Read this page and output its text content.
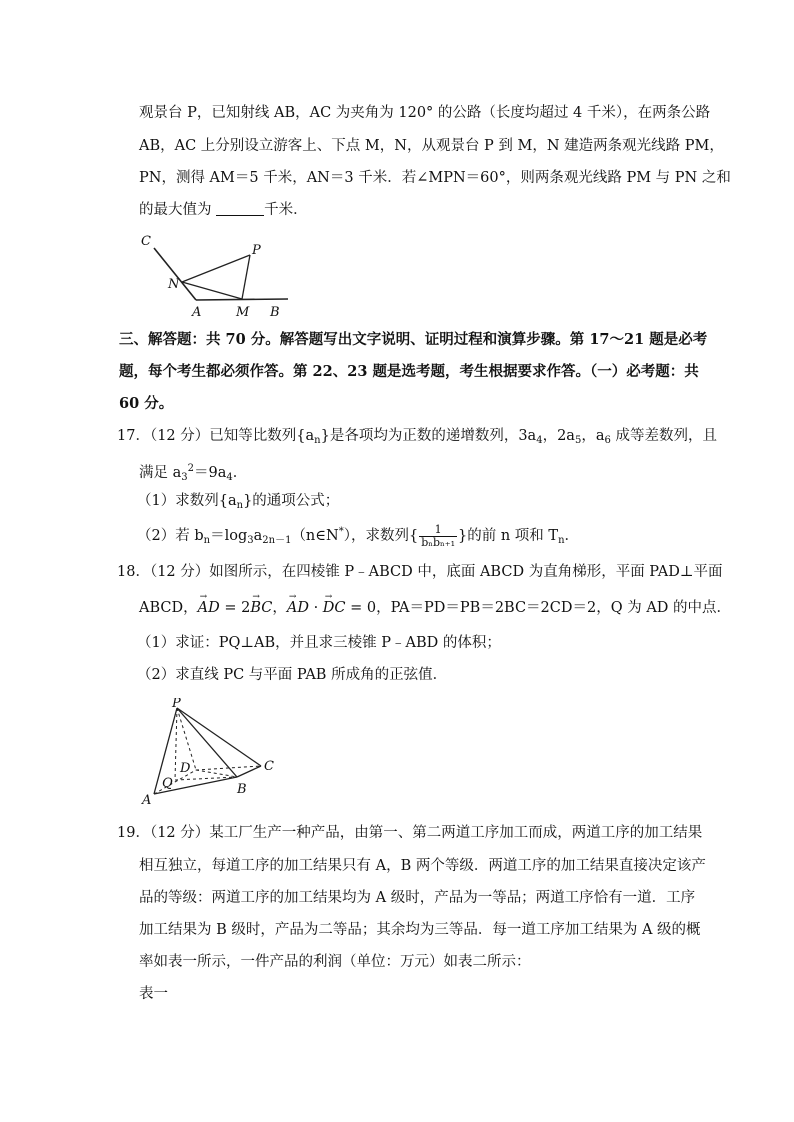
观景台 P，已知射线 AB，AC 为夹角为 120° 的公路（长度均超过 4 千米），在两条公路
AB，AC 上分别设立游客上、下点 M，N，从观景台 P 到 M，N 建造两条观光线路 PM，
PN，测得 AM＝5 千米，AN＝3 千米．若∠MPN＝60°，则两条观光线路 PM 与 PN 之和
的最大值为	千米．
C
P
N
A	M B
三、解答题：共 70 分。解答题写出文字说明、证明过程和演算步骤。第 17～21 题是必考
题，每个考生都必须作答。第 22、23 题是选考题，考生根据要求作答。（一）必考题：共
60 分。
17．（12 分）已知等比数列$\{a_n\}$是各项均为正数的递增数列，$3a_4$，$2a_5$，$a_6$ 成等差数列，且
满足 $a_3^2=9a_4$．
（1）求数列$\{a_n\}$的通项公式；
（2）若 $b_n=\log_3a_{2n-1}(n\in N^*)$，求数列{ $\frac{1}{\text{bₙbₙ₊₁}}$ }的前 n 项和 $T_n$．
18．（12 分）如图所示，在四棱锥 P﹣ABCD 中，底面 ABCD 为直角梯形，平面 PAD⊥平面
ABCD，→ AD = 2→ BC，→ AD · → DC = 0，PA＝PD＝PB＝2BC＝2CD＝2，Q 为 AD 的中点．
（1）求证：PQ⊥AB，并且求三棱锥 P﹣ABD 的体积；
（2）求直线 PC 与平面 PAB 所成角的正弦值．
P
D
Q
C
B
A
19．（12 分）某工厂生产一种产品，由第一、第二两道工序加工而成，两道工序的加工结果
相互独立，每道工序的加工结果只有 A，B 两个等级．两道工序的加工结果直接决定该产
品的等级：两道工序的加工结果均为 A 级时，产品为一等品；两道工序恰有一道．工序
加工结果为 B 级时，产品为二等品；其余均为三等品．每一道工序加工结果为 A 级的概
率如表一所示，一件产品的利润（单位：万元）如表二所示：
表一
